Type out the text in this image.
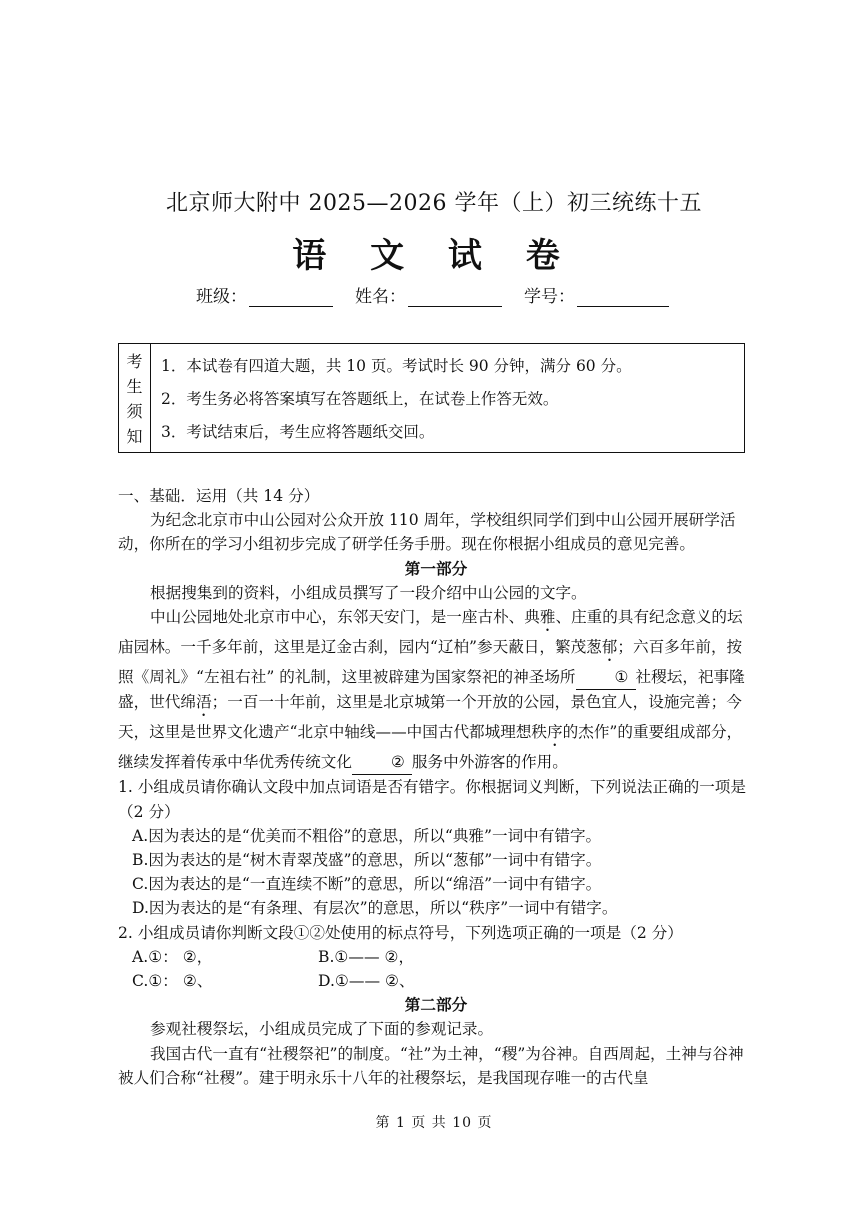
北京师大附中 2025—2026 学年（上）初三统练十五
语 文 试 卷
班级：	姓名：	学号：
考
生
须
知
1．本试卷有四道大题，共 10 页。考试时长 90 分钟，满分 60 分。
2．考生务必将答案填写在答题纸上，在试卷上作答无效。
3．考试结束后，考生应将答题纸交回。

一、基础．运用（共 14 分）

为纪念北京市中山公园对公众开放 110 周年，学校组织同学们到中山公园开展研学活动，你所在的学习小组初步完成了研学任务手册。现在你根据小组成员的意见完善。

第一部分

根据搜集到的资料，小组成员撰写了一段介绍中山公园的文字。

中山公园地处北京市中心，东邻天安门，是一座古朴、典雅、庄重的具有纪念意义的坛庙园林。一千多年前，这里是辽金古刹，园内“辽柏”参天蔽日，繁茂葱郁；六百多年前，按照《周礼》“左祖右社” 的礼制，这里被辟建为国家祭祀的神圣场所	① 社稷坛，祀事隆盛，世代绵浯；一百一十年前，这里是北京城第一个开放的公园，景色宜人，设施完善；今天，这里是世界文化遗产“北京中轴线——中国古代都城理想秩序的杰作”的重要组成部分，继续发挥着传承中华优秀传统文化	② 服务中外游客的作用。

1. 小组成员请你确认文段中加点词语是否有错字。你根据词义判断，下列说法正确的一项是（2 分）

A.因为表达的是“优美而不粗俗”的意思，所以“典雅”一词中有错字。

B.因为表达的是“树木青翠茂盛”的意思，所以“葱郁”一词中有错字。

C.因为表达的是“一直连续不断”的意思，所以“绵浯”一词中有错字。

D.因为表达的是“有条理、有层次”的意思，所以“秩序”一词中有错字。

2. 小组成员请你判断文段①②处使用的标点符号，下列选项正确的一项是（2 分）

A.①： ②，	B.①—— ②，

C.①： ②、	D.①—— ②、

第二部分

参观社稷祭坛，小组成员完成了下面的参观记录。

我国古代一直有“社稷祭祀”的制度。“社”为土神，“稷”为谷神。自西周起，土神与谷神被人们合称“社稷”。建于明永乐十八年的社稷祭坛，是我国现存唯一的古代皇

第 1 页 共 10 页
